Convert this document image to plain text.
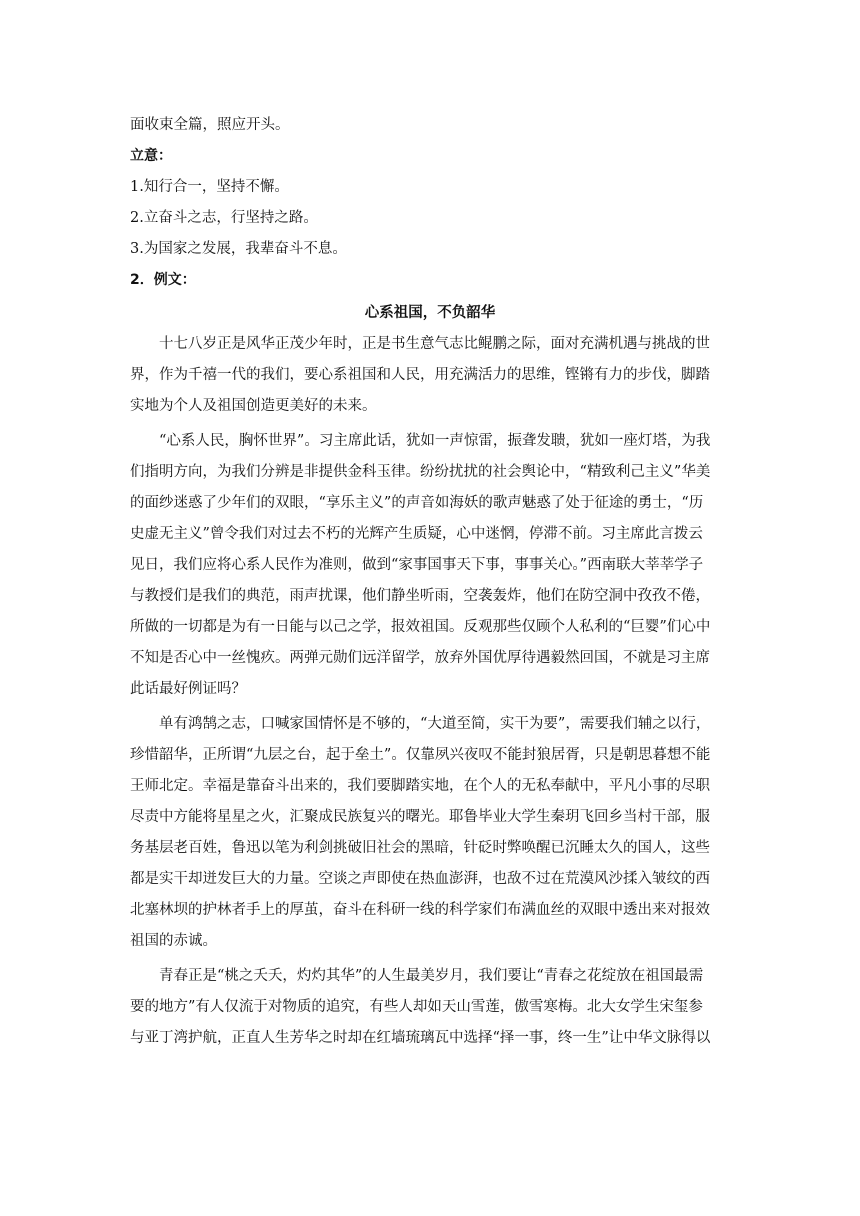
面收束全篇，照应开头。

立意：

1.知行合一，坚持不懈。

2.立奋斗之志，行坚持之路。

3.为国家之发展，我辈奋斗不息。

2．例文：

心系祖国，不负韶华

十七八岁正是风华正茂少年时，正是书生意气志比鲲鹏之际，面对充满机遇与挑战的世
界，作为千禧一代的我们，要心系祖国和人民，用充满活力的思维，铿锵有力的步伐，脚踏
实地为个人及祖国创造更美好的未来。
“心系人民，胸怀世界”。习主席此话，犹如一声惊雷，振聋发聩，犹如一座灯塔，为我
们指明方向，为我们分辨是非提供金科玉律。纷纷扰扰的社会舆论中，“精致利己主义”华美
的面纱迷惑了少年们的双眼，“享乐主义”的声音如海妖的歌声魅惑了处于征途的勇士，“历
史虚无主义”曾令我们对过去不朽的光辉产生质疑，心中迷惘，停滞不前。习主席此言拨云
见日，我们应将心系人民作为准则，做到“家事国事天下事，事事关心。”西南联大莘莘学子
与教授们是我们的典范，雨声扰课，他们静坐听雨，空袭轰炸，他们在防空洞中孜孜不倦，
所做的一切都是为有一日能与以己之学，报效祖国。反观那些仅顾个人私利的“巨婴”们心中
不知是否心中一丝愧疚。两弹元勋们远洋留学，放弃外国优厚待遇毅然回国，不就是习主席
此话最好例证吗？
单有鸿鹄之志，口喊家国情怀是不够的，“大道至简，实干为要”，需要我们辅之以行，
珍惜韶华，正所谓“九层之台，起于垒土”。仅靠夙兴夜叹不能封狼居胥，只是朝思暮想不能
王师北定。幸福是靠奋斗出来的，我们要脚踏实地，在个人的无私奉献中，平凡小事的尽职
尽责中方能将星星之火，汇聚成民族复兴的曙光。耶鲁毕业大学生秦玥飞回乡当村干部，服
务基层老百姓，鲁迅以笔为利剑挑破旧社会的黑暗，针砭时弊唤醒已沉睡太久的国人，这些
都是实干却迸发巨大的力量。空谈之声即使在热血澎湃，也敌不过在荒漠风沙揉入皱纹的西
北塞林坝的护林者手上的厚茧，奋斗在科研一线的科学家们布满血丝的双眼中透出来对报效
祖国的赤诚。
青春正是“桃之夭夭，灼灼其华”的人生最美岁月，我们要让“青春之花绽放在祖国最需
要的地方”有人仅流于对物质的追究，有些人却如天山雪莲，傲雪寒梅。北大女学生宋玺参
与亚丁湾护航，正直人生芳华之时却在红墙琉璃瓦中选择“择一事，终一生”让中华文脉得以
